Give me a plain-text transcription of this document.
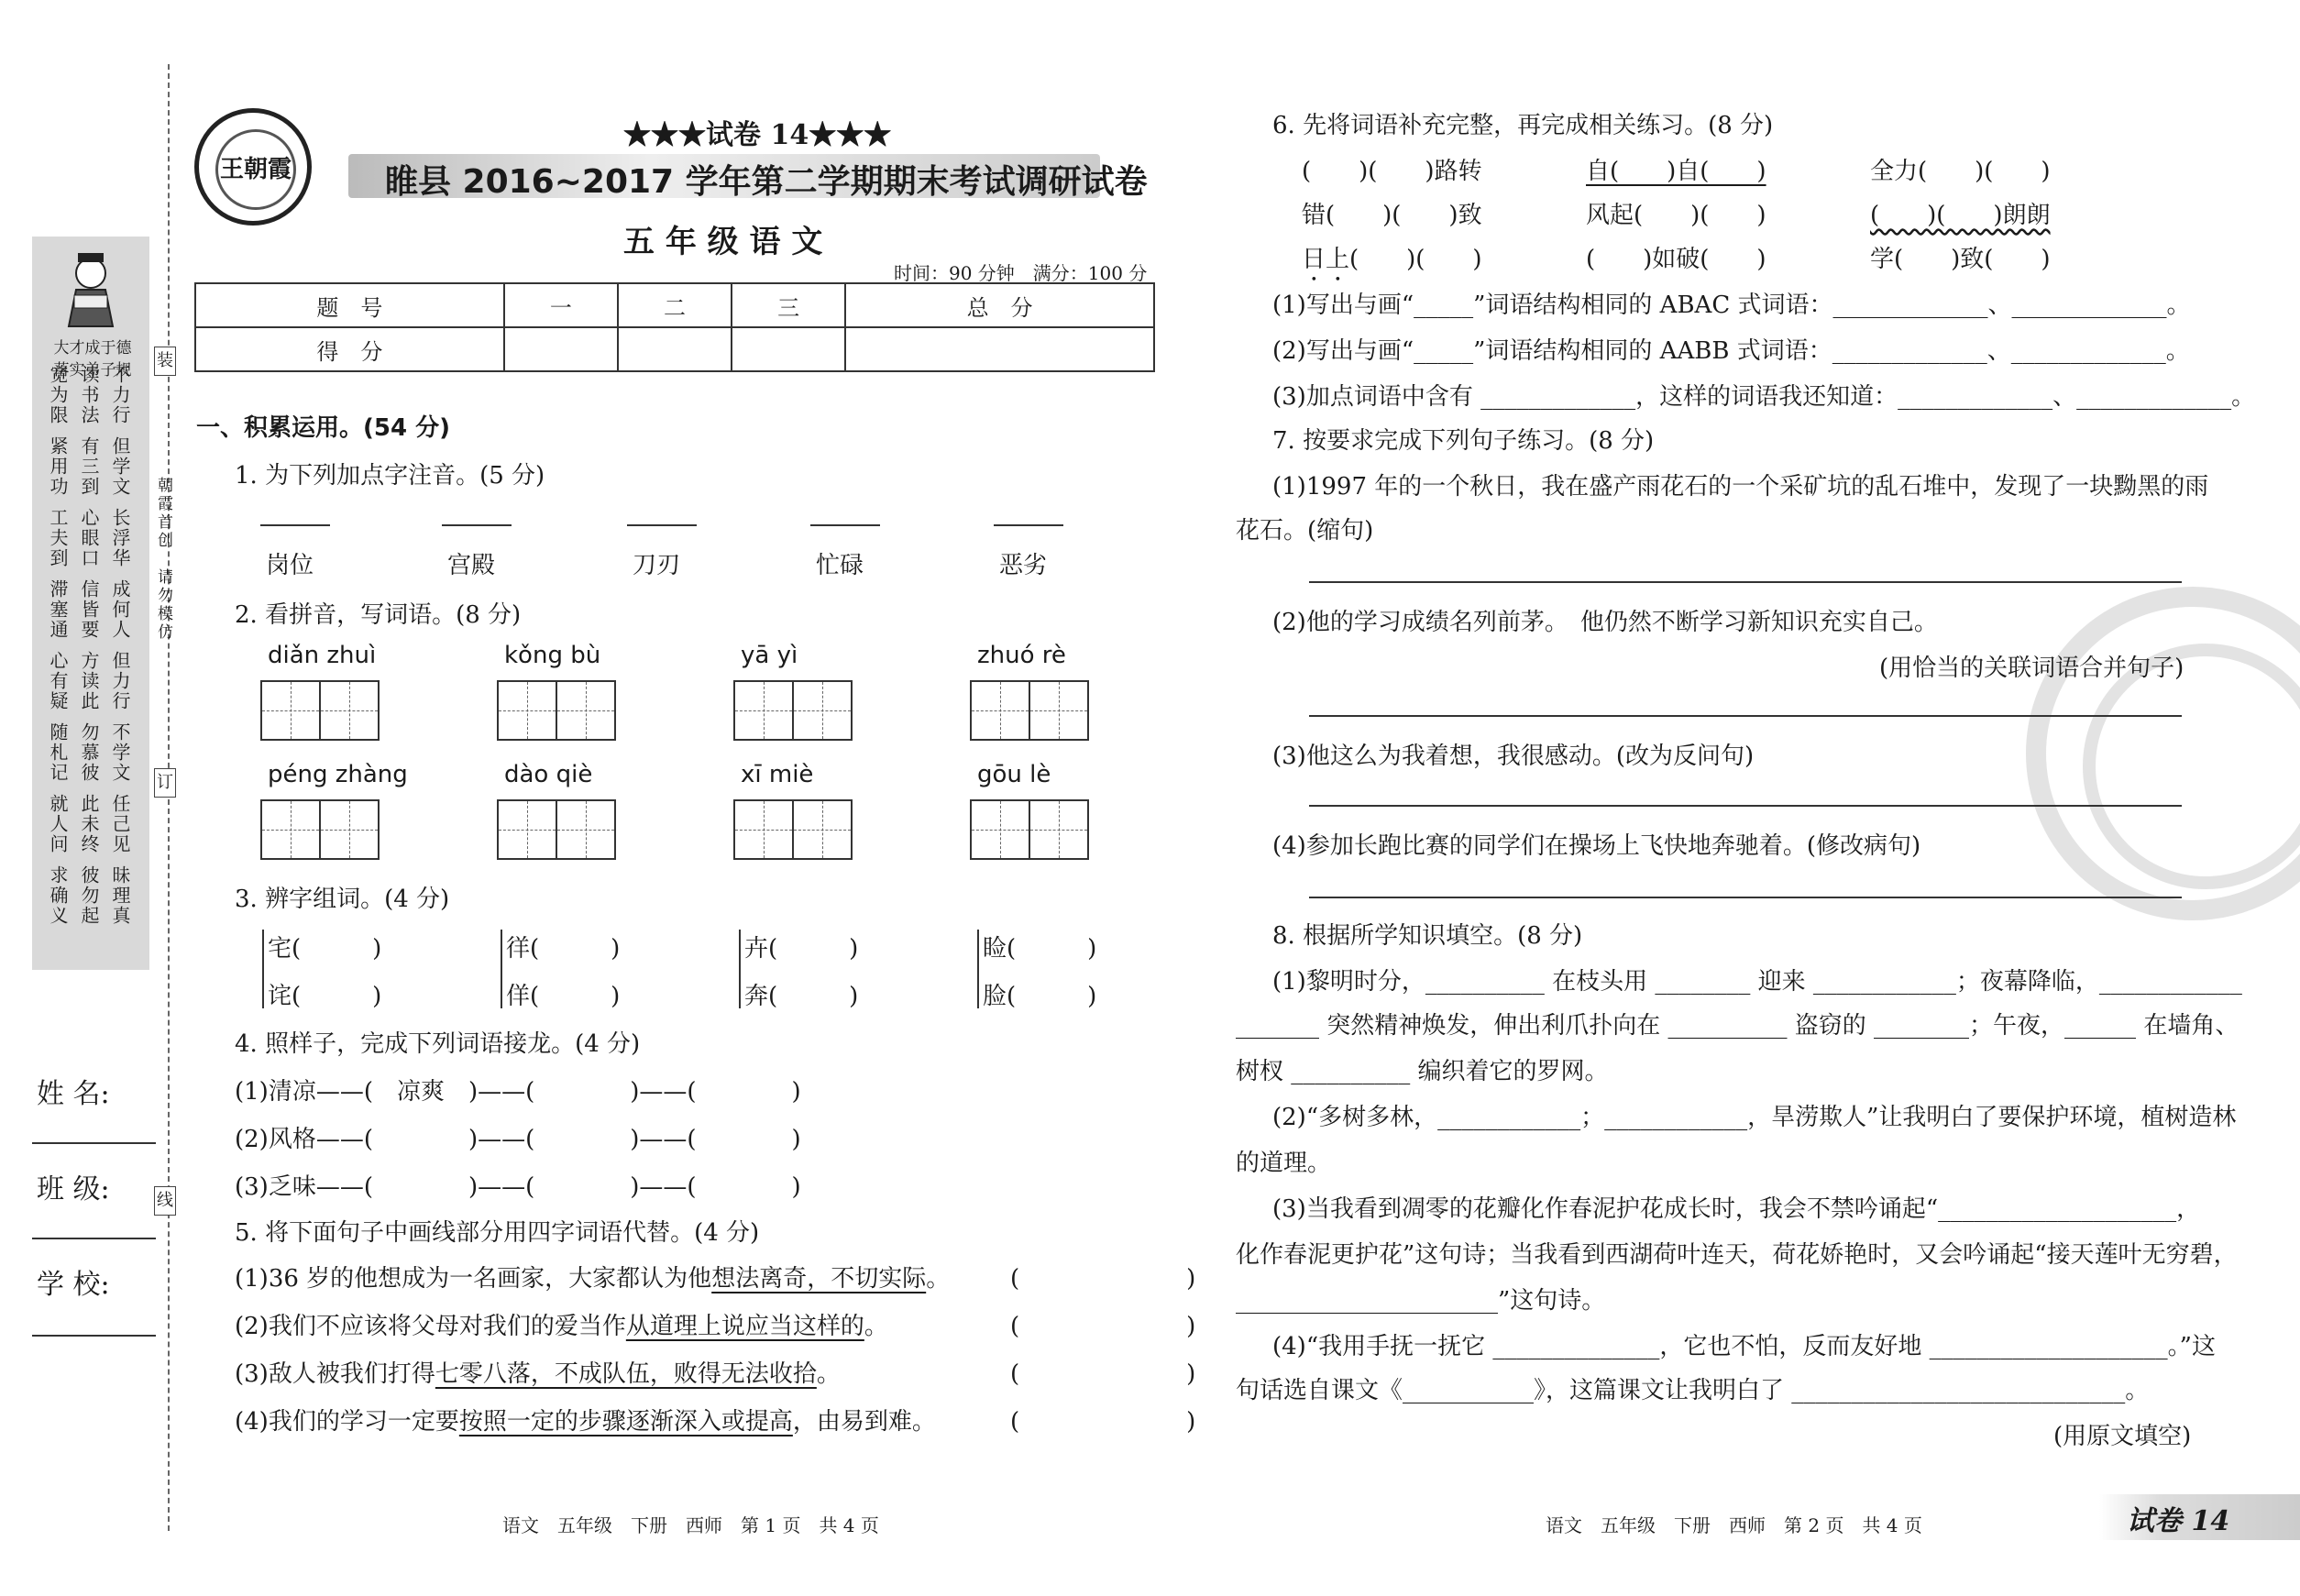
大才成于德
落实弟子规
宽为限 读书法 不力行
紧用功 有三到 但学文
工夫到 心眼口 长浮华
滞塞通 信皆要 成何人
心有疑 方读此 但力行
随札记 勿慕彼 不学文
就人问 此未终 任己见
求确义 彼勿起 昧理真
装
订
线
朝霞首创
请勿模仿
姓 名:
班 级:
学 校:
王朝霞
★★★试卷 14★★★
睢县 2016~2017 学年第二学期期末考试调研试卷
五 年 级 语 文
时间：90 分钟　满分：100 分
题　号	一	二	三	总　分
得　分				
一、积累运用。(54 分)
1. 为下列加点字注音。(5 分)
岗位	宫殿	刀刃	忙碌	恶劣
2. 看拼音，写词语。(8 分)
diǎn zhuì	kǒng bù	yā yì	zhuó rè
péng zhàng	dào qiè	xī miè	gōu lè
3. 辨字组词。(4 分)
宅(　　　)
诧(　　　)
徉(　　　)
佯(　　　)
卉(　　　)
奔(　　　)
睑(　　　)
脸(　　　)
4. 照样子，完成下列词语接龙。(4 分)
(1)清凉——(　凉爽　)——(　　　　)——(　　　　)
(2)风格——(　　　　)——(　　　　)——(　　　　)
(3)乏味——(　　　　)——(　　　　)——(　　　　)
5. 将下面句子中画线部分用四字词语代替。(4 分)
(1)36 岁的他想成为一名画家，大家都认为他想法离奇，不切实际。	(　　　　　　　)
(2)我们不应该将父母对我们的爱当作从道理上说应当这样的。	(　　　　　　　)
(3)敌人被我们打得七零八落，不成队伍，败得无法收拾。	(　　　　　　　)
(4)我们的学习一定要按照一定的步骤逐渐深入或提高，由易到难。	(　　　　　　　)
语文　五年级　下册　西师　第 1 页　共 4 页
6. 先将词语补充完整，再完成相关练习。(8 分)
(　　)(　　)路转	自(　　)自(　　)	全力(　　)(　　)
错(　　)(　　)致	风起(　　)(　　)	(　　)(　　)朗朗
日上(　　)(　　)	(　　)如破(　　)	学(　　)致(　　)
(1)写出与画“_____”词语结构相同的 ABAC 式词语：_____________、_____________。
(2)写出与画“_____”词语结构相同的 AABB 式词语：_____________、_____________。
(3)加点词语中含有 _____________，这样的词语我还知道：_____________、_____________。
7. 按要求完成下列句子练习。(8 分)
(1)1997 年的一个秋日，我在盛产雨花石的一个采矿坑的乱石堆中，发现了一块黝黑的雨
花石。(缩句)
(2)他的学习成绩名列前茅。　他仍然不断学习新知识充实自己。
(用恰当的关联词语合并句子)
(3)他这么为我着想，我很感动。(改为反问句)
(4)参加长跑比赛的同学们在操场上飞快地奔驰着。(修改病句)
8. 根据所学知识填空。(8 分)
(1)黎明时分，__________ 在枝头用 ________ 迎来 ____________；夜幕降临，____________
_______ 突然精神焕发，伸出利爪扑向在 __________ 盗窃的 ________；午夜，______ 在墙角、
树杈 __________ 编织着它的罗网。
(2)“多树多林，____________；____________，旱涝欺人”让我明白了要保护环境，植树造林
的道理。
(3)当我看到凋零的花瓣化作春泥护花成长时，我会不禁吟诵起“____________________，
化作春泥更护花”这句诗；当我看到西湖荷叶连天，荷花娇艳时，又会吟诵起“接天莲叶无穷碧，
______________________”这句诗。
(4)“我用手抚一抚它 ______________，它也不怕，反而友好地 ____________________。”这
句话选自课文《___________》，这篇课文让我明白了 ____________________________。
(用原文填空)
语文　五年级　下册　西师　第 2 页　共 4 页	试卷 14
